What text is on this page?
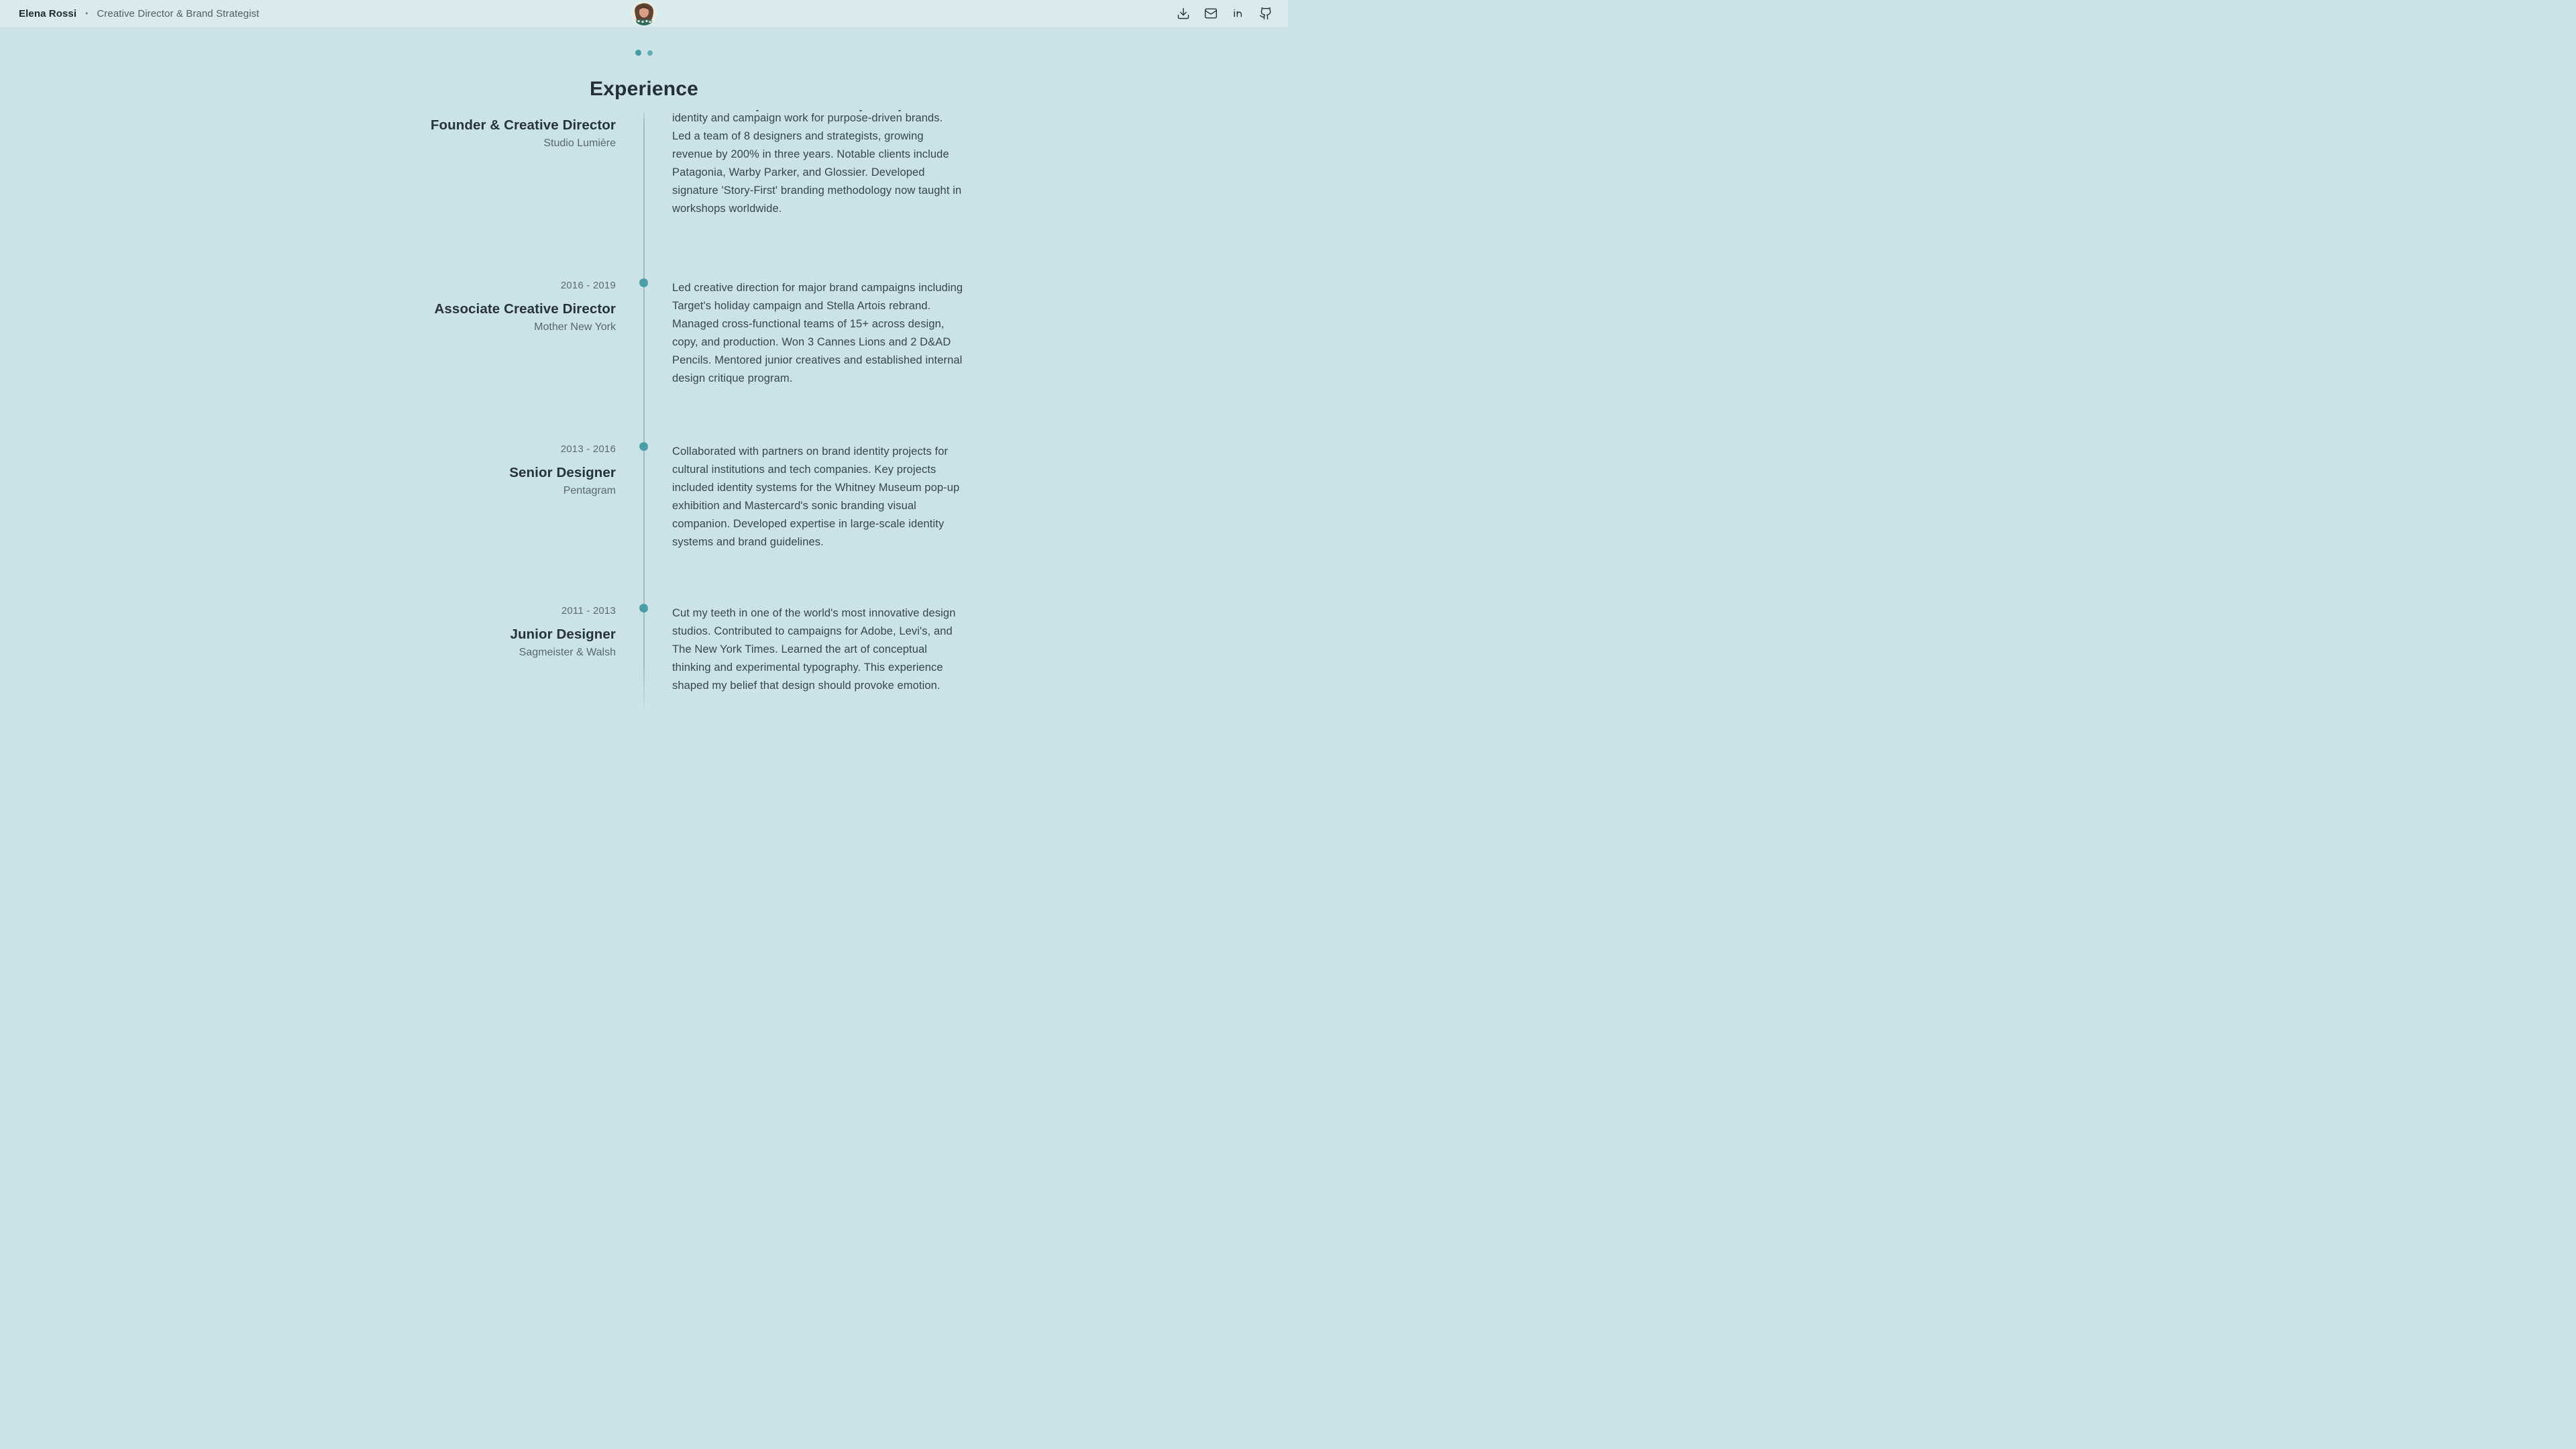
Elena Rossi • Creative Director & Brand Strategist
Experience
Founder & Creative Director
Studio Lumière
identity and campaign work for purpose-driven brands. Led a team of 8 designers and strategists, growing revenue by 200% in three years. Notable clients include Patagonia, Warby Parker, and Glossier. Developed signature 'Story-First' branding methodology now taught in workshops worldwide.
2016 - 2019
Associate Creative Director
Mother New York
Led creative direction for major brand campaigns including Target's holiday campaign and Stella Artois rebrand. Managed cross-functional teams of 15+ across design, copy, and production. Won 3 Cannes Lions and 2 D&AD Pencils. Mentored junior creatives and established internal design critique program.
2013 - 2016
Senior Designer
Pentagram
Collaborated with partners on brand identity projects for cultural institutions and tech companies. Key projects included identity systems for the Whitney Museum pop-up exhibition and Mastercard's sonic branding visual companion. Developed expertise in large-scale identity systems and brand guidelines.
2011 - 2013
Junior Designer
Sagmeister & Walsh
Cut my teeth in one of the world's most innovative design studios. Contributed to campaigns for Adobe, Levi's, and The New York Times. Learned the art of conceptual thinking and experimental typography. This experience shaped my belief that design should provoke emotion.
